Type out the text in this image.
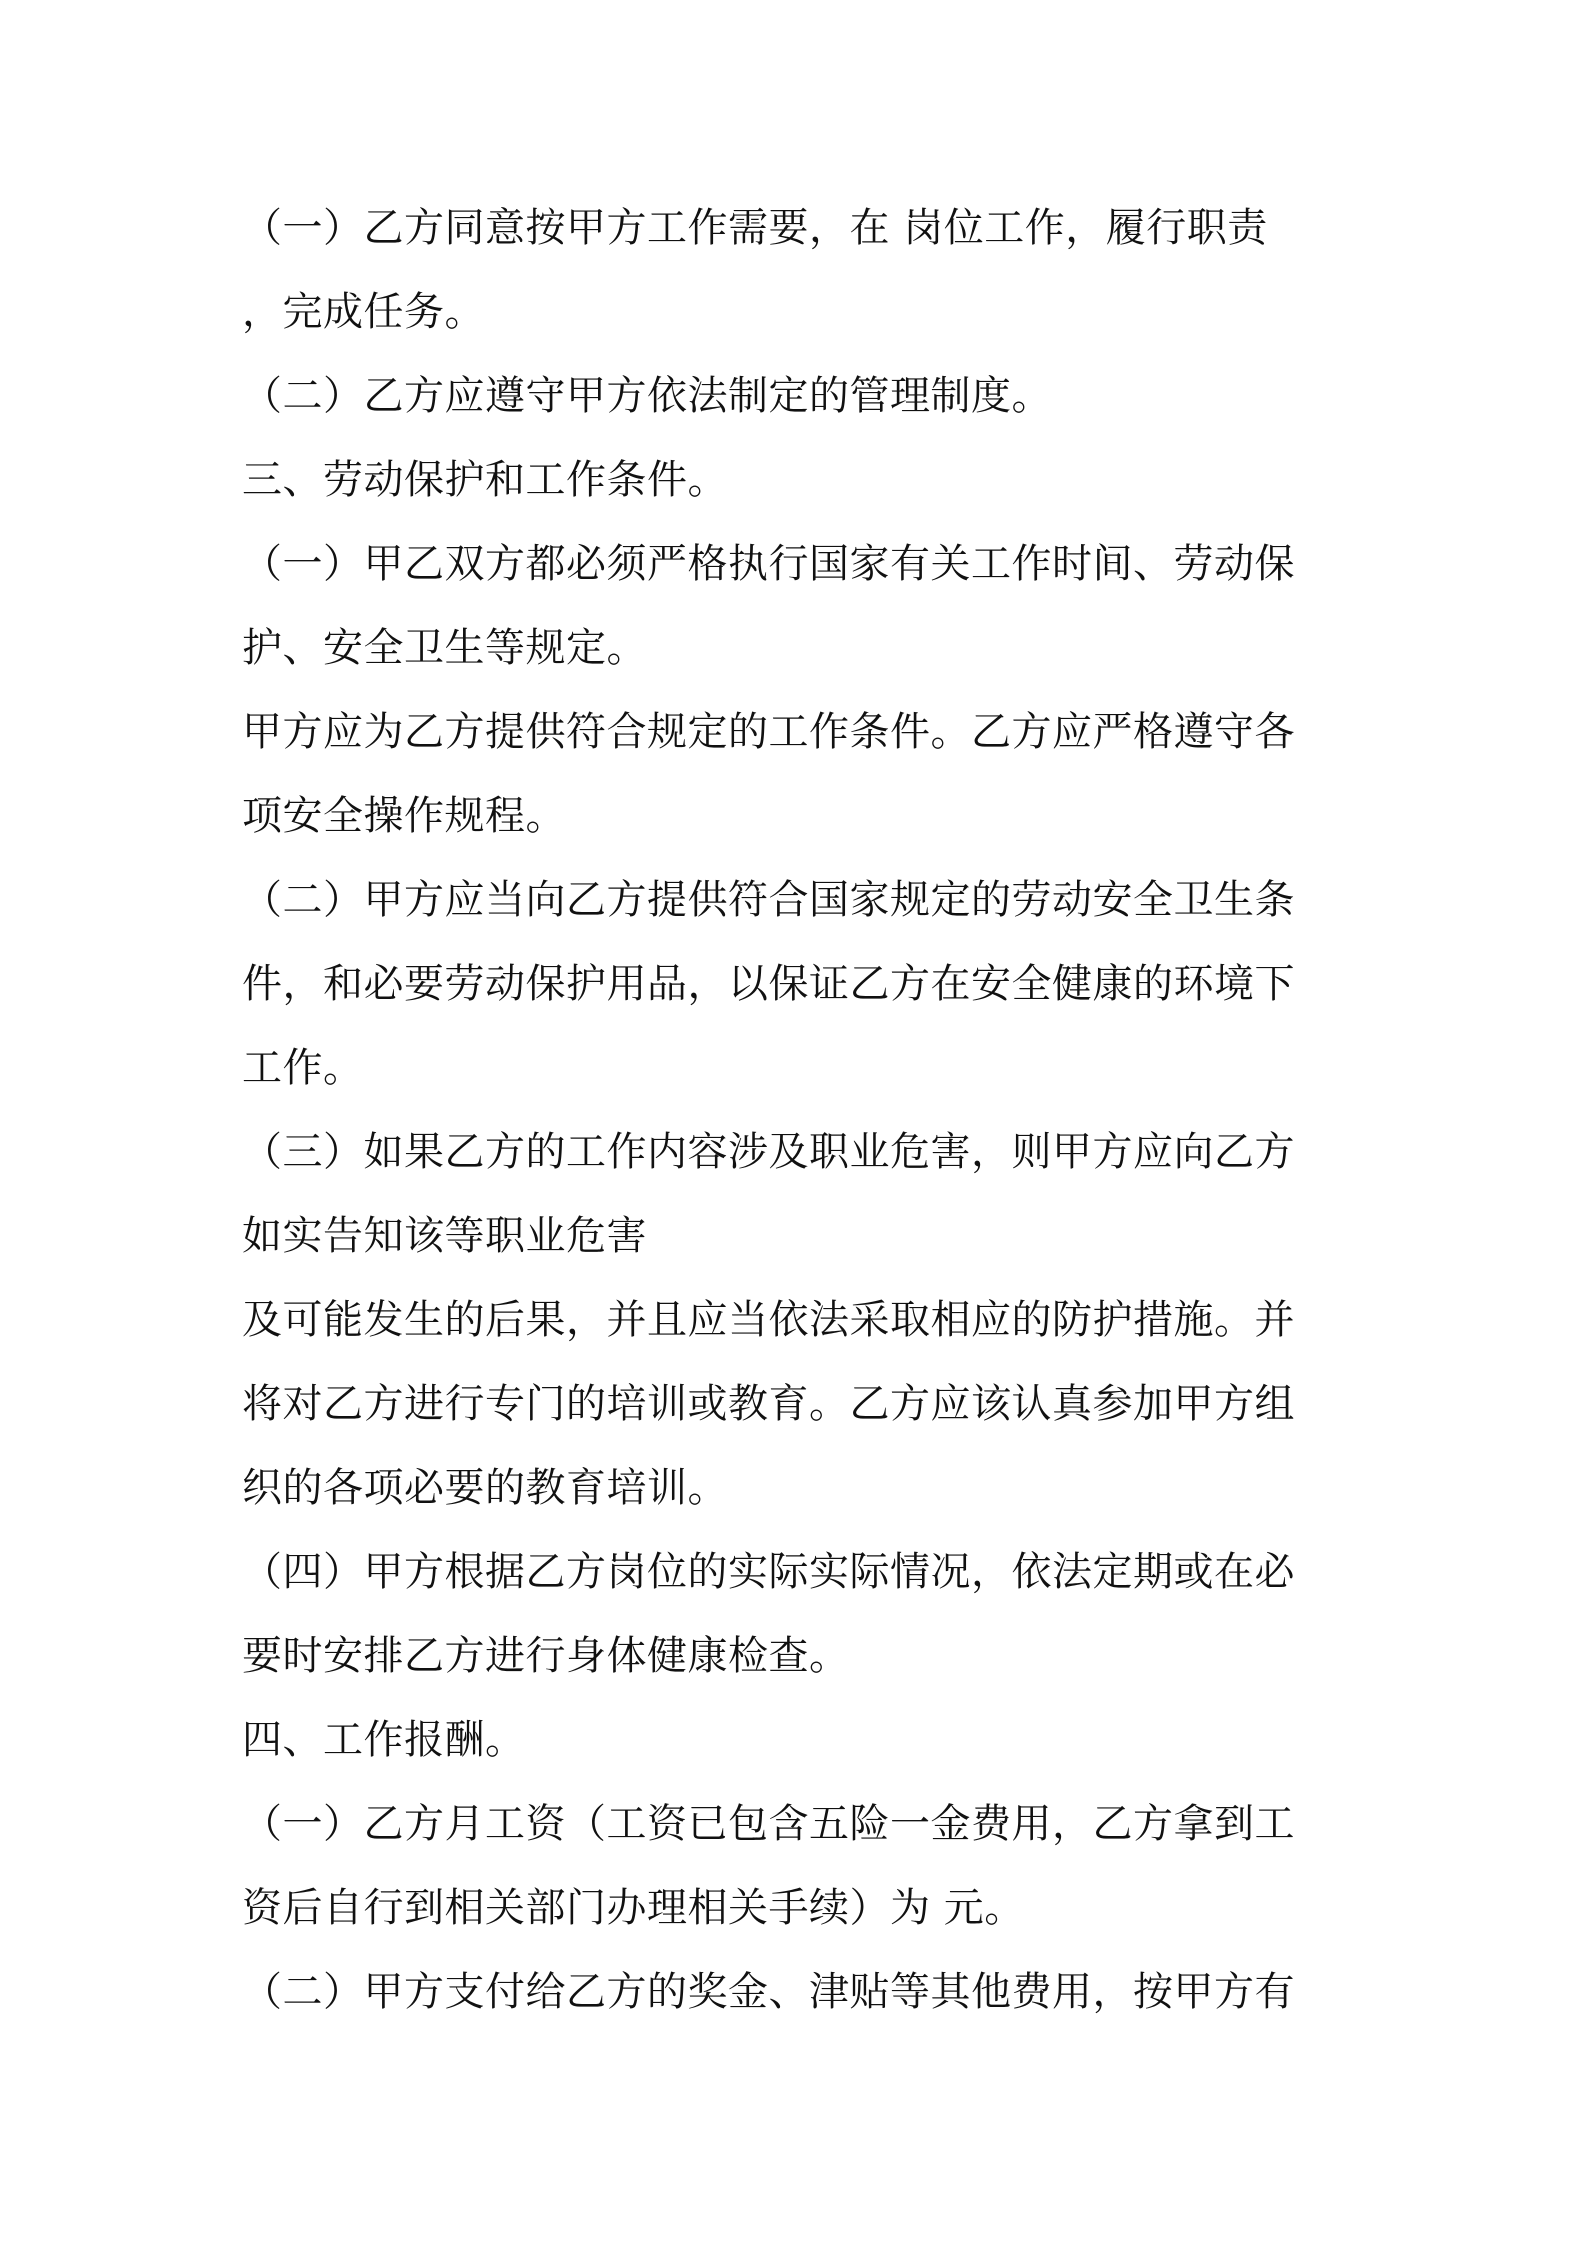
（一）乙方同意按甲方工作需要，在 岗位工作，履行职责
，完成任务。
（二）乙方应遵守甲方依法制定的管理制度。
三、劳动保护和工作条件。
（一）甲乙双方都必须严格执行国家有关工作时间、劳动保
护、安全卫生等规定。
甲方应为乙方提供符合规定的工作条件。乙方应严格遵守各
项安全操作规程。
（二）甲方应当向乙方提供符合国家规定的劳动安全卫生条
件，和必要劳动保护用品，以保证乙方在安全健康的环境下
工作。
（三）如果乙方的工作内容涉及职业危害，则甲方应向乙方
如实告知该等职业危害
及可能发生的后果，并且应当依法采取相应的防护措施。并
将对乙方进行专门的培训或教育。乙方应该认真参加甲方组
织的各项必要的教育培训。
（四）甲方根据乙方岗位的实际实际情况，依法定期或在必
要时安排乙方进行身体健康检查。
四、工作报酬。
（一）乙方月工资（工资已包含五险一金费用，乙方拿到工
资后自行到相关部门办理相关手续）为 元。
（二）甲方支付给乙方的奖金、津贴等其他费用，按甲方有
